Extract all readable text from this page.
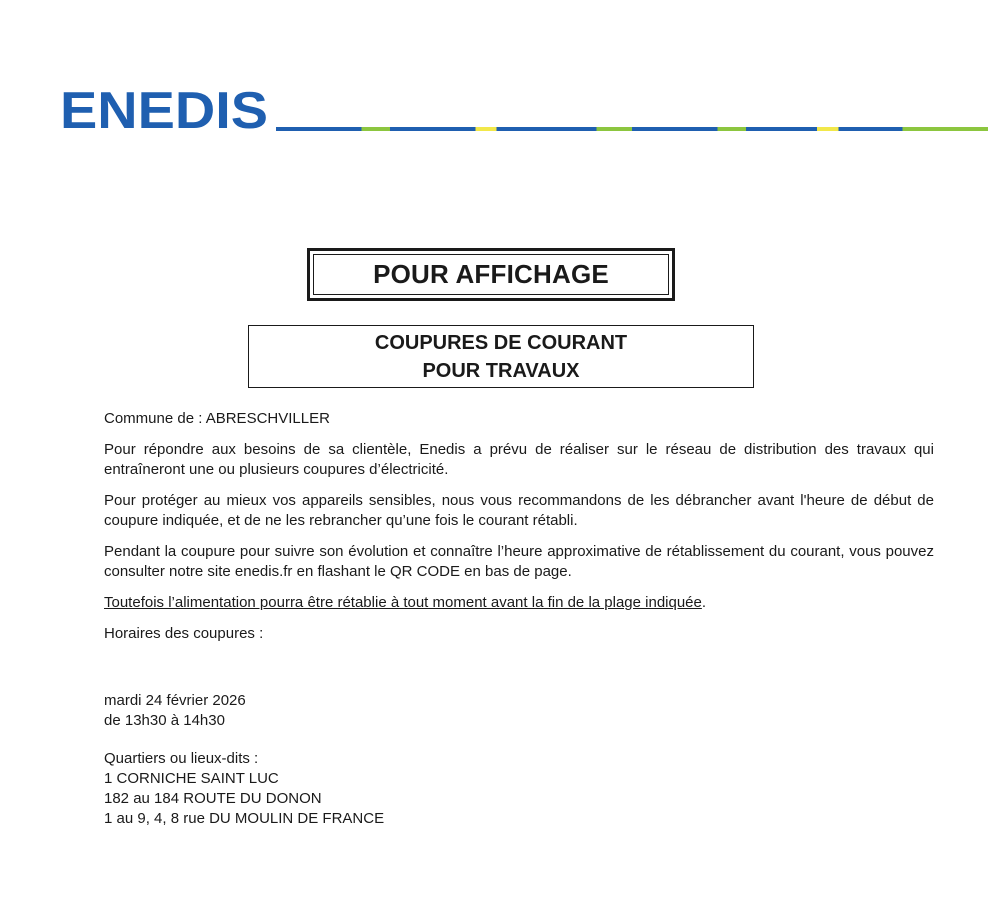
ENEDIS
POUR AFFICHAGE
COUPURES DE COURANT
POUR TRAVAUX

Commune de : ABRESCHVILLER

Pour répondre aux besoins de sa clientèle, Enedis a prévu de réaliser sur le réseau de distribution des travaux qui entraîneront une ou plusieurs coupures d’électricité.

Pour protéger au mieux vos appareils sensibles, nous vous recommandons de les débrancher avant l'heure de début de coupure indiquée, et de ne les rebrancher qu’une fois le courant rétabli.

Pendant la coupure pour suivre son évolution et connaître l’heure approximative de rétablissement du courant, vous pouvez consulter notre site enedis.fr en flashant le QR CODE en bas de page.

Toutefois l’alimentation pourra être rétablie à tout moment avant la fin de la plage indiquée.

Horaires des coupures :

mardi 24 février 2026
de 13h30 à 14h30
Quartiers ou lieux-dits :
1 CORNICHE SAINT LUC
182 au 184 ROUTE DU DONON
1 au 9, 4, 8 rue DU MOULIN DE FRANCE
